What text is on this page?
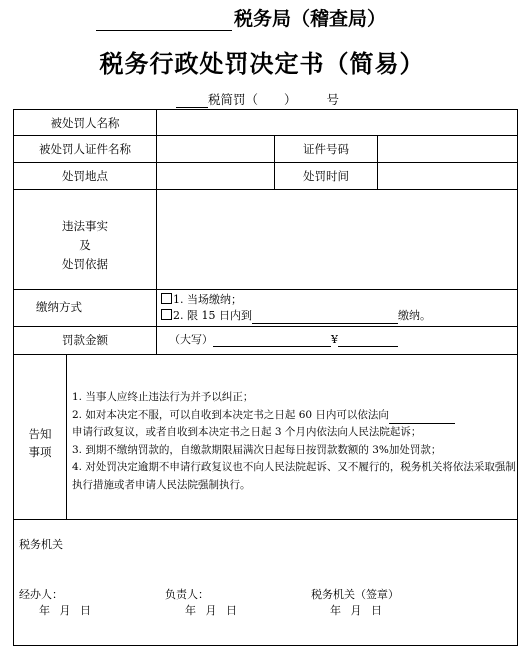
税务局（稽查局）
税务行政处罚决定书（简易）
税简罚（ ） 号
被处罚人名称
被处罚人证件名称	证件号码
处罚地点	处罚时间
违法事实
及
处罚依据
缴纳方式
1. 当场缴纳；
2. 限 15 日内到	缴纳。
罚款金额	（大写）	¥
告知
事项

1. 当事人应终止违法行为并予以纠正；

2. 如对本决定不服，可以自收到本决定书之日起 60 日内可以依法向

申请行政复议，或者自收到本决定书之日起 3 个月内依法向人民法院起诉；

3. 到期不缴纳罚款的，自缴款期限届满次日起每日按罚款数额的 3%加处罚款；

4. 对处罚决定逾期不申请行政复议也不向人民法院起诉、又不履行的，税务机关将依法采取强制执行措施或者申请人民法院强制执行。

税务机关
经办人：	负责人：	税务机关（签章）
年 月 日	年 月 日	年 月 日
